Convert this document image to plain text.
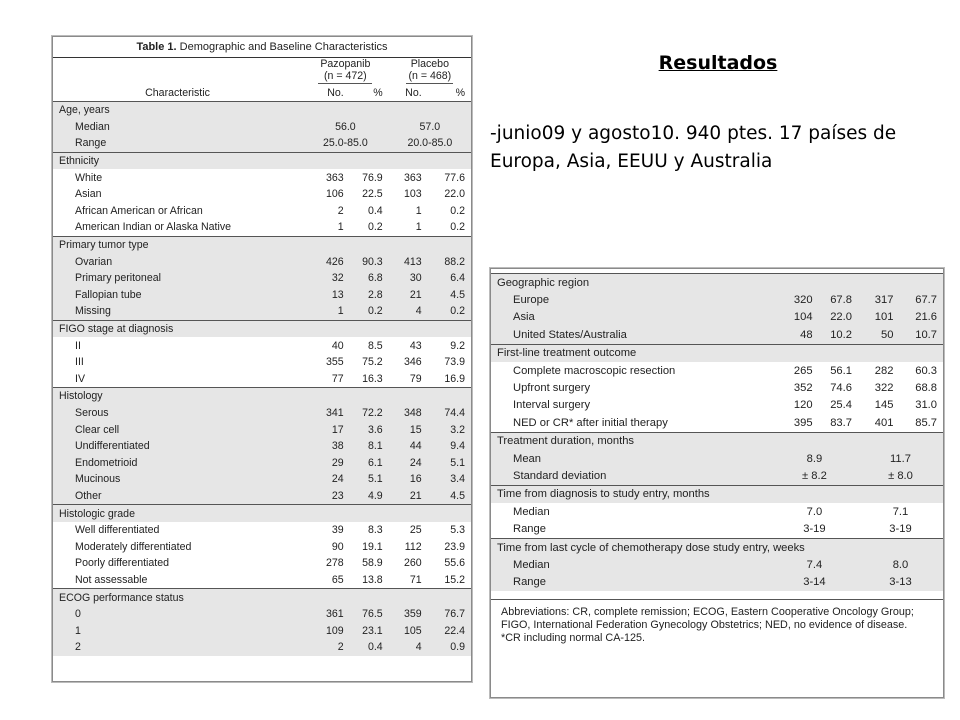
Resultados
-junio09 y agosto10. 940 ptes. 17 países de Europa, Asia, EEUU y Australia
Table 1. Demographic and Baseline Characteristics				
	Pazopanib
(n = 472)		Placebo
(n = 468)	
Characteristic	No.	%	No.	%
Age, years				
Median	56.0		57.0	
Range	25.0-85.0		20.0-85.0	
Ethnicity				
White	363	76.9	363	77.6
Asian	106	22.5	103	22.0
African American or African	2	0.4	1	0.2
American Indian or Alaska Native	1	0.2	1	0.2
Primary tumor type				
Ovarian	426	90.3	413	88.2
Primary peritoneal	32	6.8	30	6.4
Fallopian tube	13	2.8	21	4.5
Missing	1	0.2	4	0.2
FIGO stage at diagnosis				
II	40	8.5	43	9.2
III	355	75.2	346	73.9
IV	77	16.3	79	16.9
Histology				
Serous	341	72.2	348	74.4
Clear cell	17	3.6	15	3.2
Undifferentiated	38	8.1	44	9.4
Endometrioid	29	6.1	24	5.1
Mucinous	24	5.1	16	3.4
Other	23	4.9	21	4.5
Histologic grade				
Well differentiated	39	8.3	25	5.3
Moderately differentiated	90	19.1	112	23.9
Poorly differentiated	278	58.9	260	55.6
Not assessable	65	13.8	71	15.2
ECOG performance status				
0	361	76.5	359	76.7
1	109	23.1	105	22.4
2	2	0.4	4	0.9
Geographic region				
Europe	320	67.8	317	67.7
Asia	104	22.0	101	21.6
United States/Australia	48	10.2	50	10.7
First-line treatment outcome				
Complete macroscopic resection	265	56.1	282	60.3
Upfront surgery	352	74.6	322	68.8
Interval surgery	120	25.4	145	31.0
NED or CR* after initial therapy	395	83.7	401	85.7
Treatment duration, months				
Mean	8.9		11.7	
Standard deviation	± 8.2		± 8.0	
Time from diagnosis to study entry, months				
Median	7.0		7.1	
Range	3-19		3-19	
Time from last cycle of chemotherapy dose study entry, weeks				
Median	7.4		8.0	
Range	3-14		3-13	
Abbreviations: CR, complete remission; ECOG, Eastern Cooperative Oncology Group; FIGO, International Federation Gynecology Obstetrics; NED, no evidence of disease.
*CR including normal CA-125.
